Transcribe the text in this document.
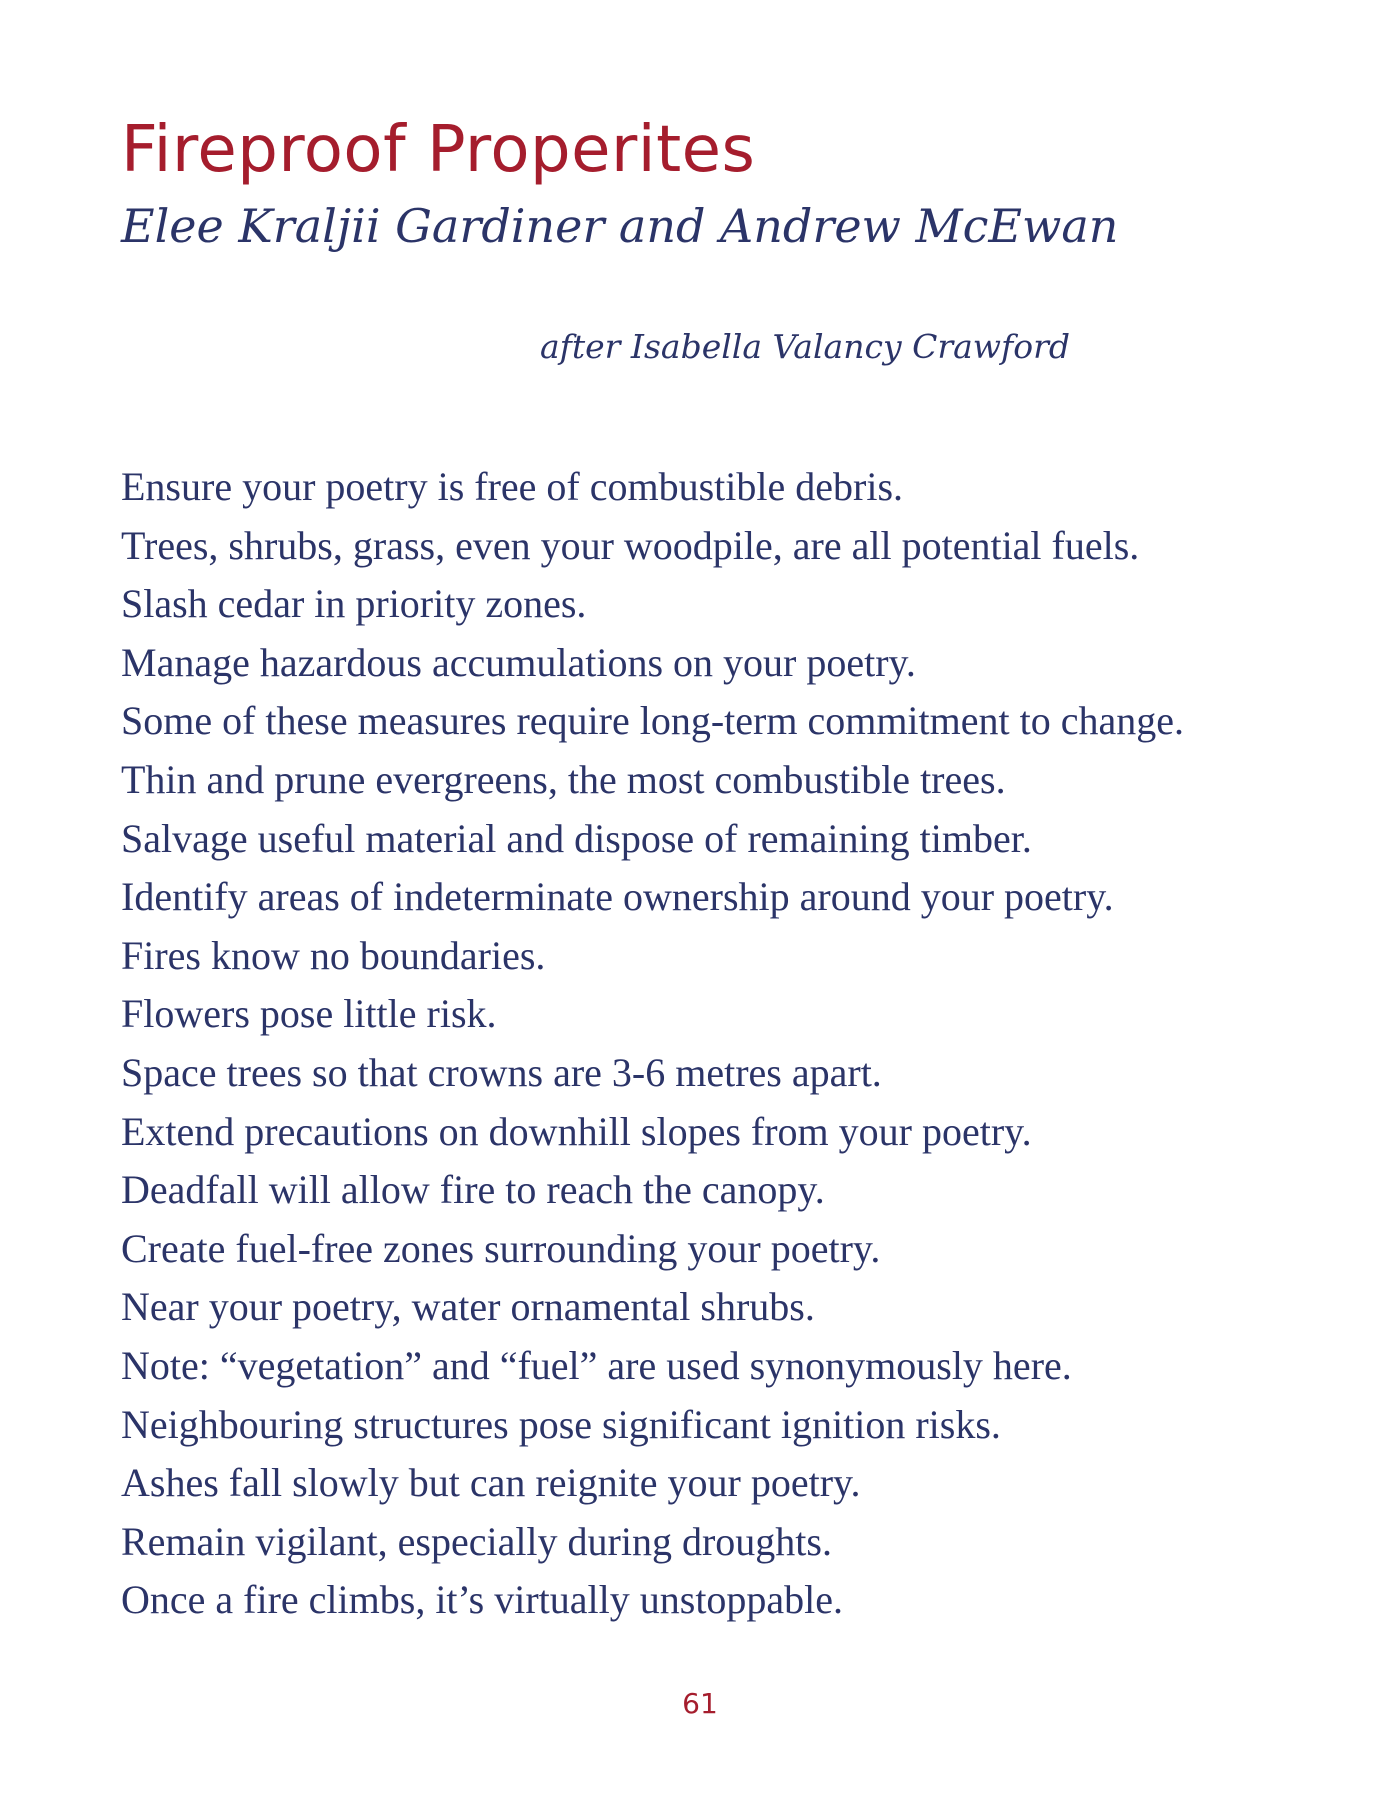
Fireproof Properites
Elee Kraljii Gardiner and Andrew McEwan

after Isabella Valancy Crawford

Ensure your poetry is free of combustible debris.
Trees, shrubs, grass, even your woodpile, are all potential fuels.
Slash cedar in priority zones.
Manage hazardous accumulations on your poetry.
Some of these measures require long-term commitment to change.
Thin and prune evergreens, the most combustible trees.
Salvage useful material and dispose of remaining timber.
Identify areas of indeterminate ownership around your poetry.
Fires know no boundaries.
Flowers pose little risk.
Space trees so that crowns are 3-6 metres apart.
Extend precautions on downhill slopes from your poetry.
Deadfall will allow fire to reach the canopy.
Create fuel-free zones surrounding your poetry.
Near your poetry, water ornamental shrubs.
Note: “vegetation” and “fuel” are used synonymously here.
Neighbouring structures pose significant ignition risks.
Ashes fall slowly but can reignite your poetry.
Remain vigilant, especially during droughts.
Once a fire climbs, it’s virtually unstoppable.

61
